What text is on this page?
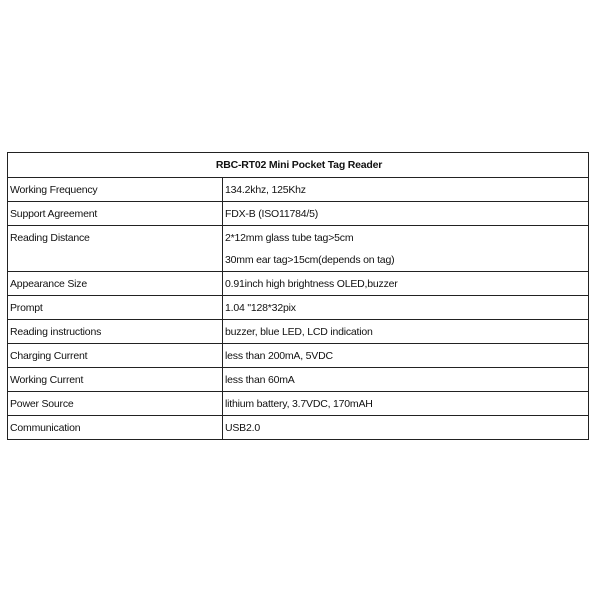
RBC-RT02 Mini Pocket Tag Reader	
Working Frequency	134.2khz, 125Khz

Support Agreement	FDX-B (ISO11784/5)

Reading Distance	2*12mm glass tube tag>5cm
30mm ear tag>15cm(depends on tag)

Appearance Size	0.91inch high brightness OLED,buzzer

Prompt	1.04 "128*32pix

Reading instructions	buzzer, blue LED, LCD indication

Charging Current	less than 200mA, 5VDC

Working Current	less than 60mA

Power Source	lithium battery, 3.7VDC, 170mAH

Communication	USB2.0
